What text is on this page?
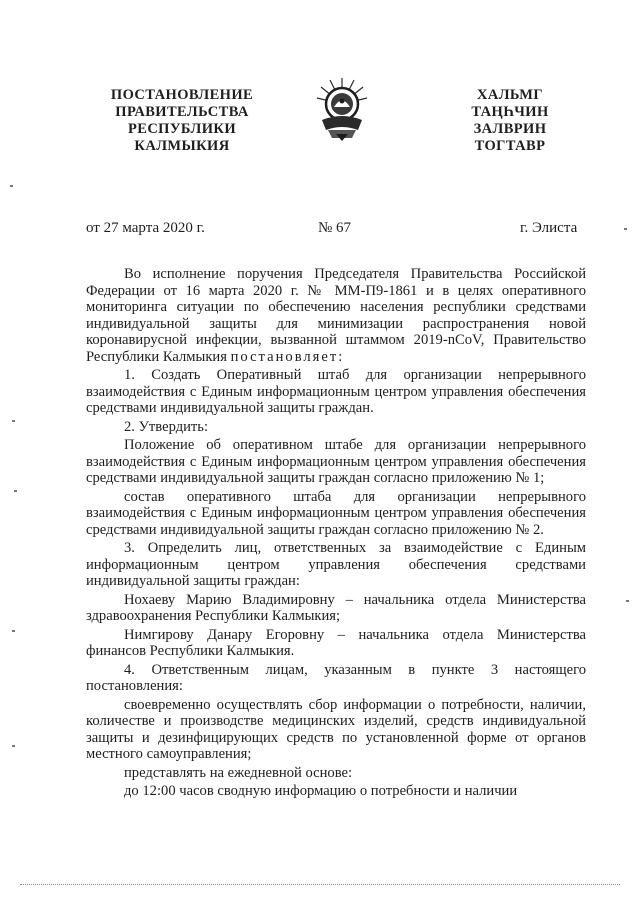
ПОСТАНОВЛЕНИЕ
ПРАВИТЕЛЬСТВА
РЕСПУБЛИКИ
КАЛМЫКИЯ
ХАЛЬМГ
ТАҢҺЧИН
ЗАЛВРИН
ТОГТАВР
от 27 марта 2020 г.	№ 67	г. Элиста

Во исполнение поручения Председателя Правительства Российской Федерации от 16 марта 2020 г. № ММ-П9-1861 и в целях оперативного мониторинга ситуации по обеспечению населения республики средствами индивидуальной защиты для минимизации распространения новой коронавирусной инфекции, вызванной штаммом 2019-nCoV, Правительство Республики Калмыкия постановляет:

1. Создать Оперативный штаб для организации непрерывного взаимодействия с Единым информационным центром управления обеспечения средствами индивидуальной защиты граждан.

2. Утвердить:

Положение об оперативном штабе для организации непрерывного взаимодействия с Единым информационным центром управления обеспечения средствами индивидуальной защиты граждан согласно приложению № 1;

состав оперативного штаба для организации непрерывного взаимодействия с Единым информационным центром управления обеспечения средствами индивидуальной защиты граждан согласно приложению № 2.

3. Определить лиц, ответственных за взаимодействие с Единым информационным центром управления обеспечения средствами индивидуальной защиты граждан:

Нохаеву Марию Владимировну – начальника отдела Министерства здравоохранения Республики Калмыкия;

Нимгирову Данару Егоровну – начальника отдела Министерства финансов Республики Калмыкия.

4. Ответственным лицам, указанным в пункте 3 настоящего постановления:

своевременно осуществлять сбор информации о потребности, наличии, количестве и производстве медицинских изделий, средств индивидуальной защиты и дезинфицирующих средств по установленной форме от органов местного самоуправления;

представлять на ежедневной основе:

до 12:00 часов сводную информацию о потребности и наличии
